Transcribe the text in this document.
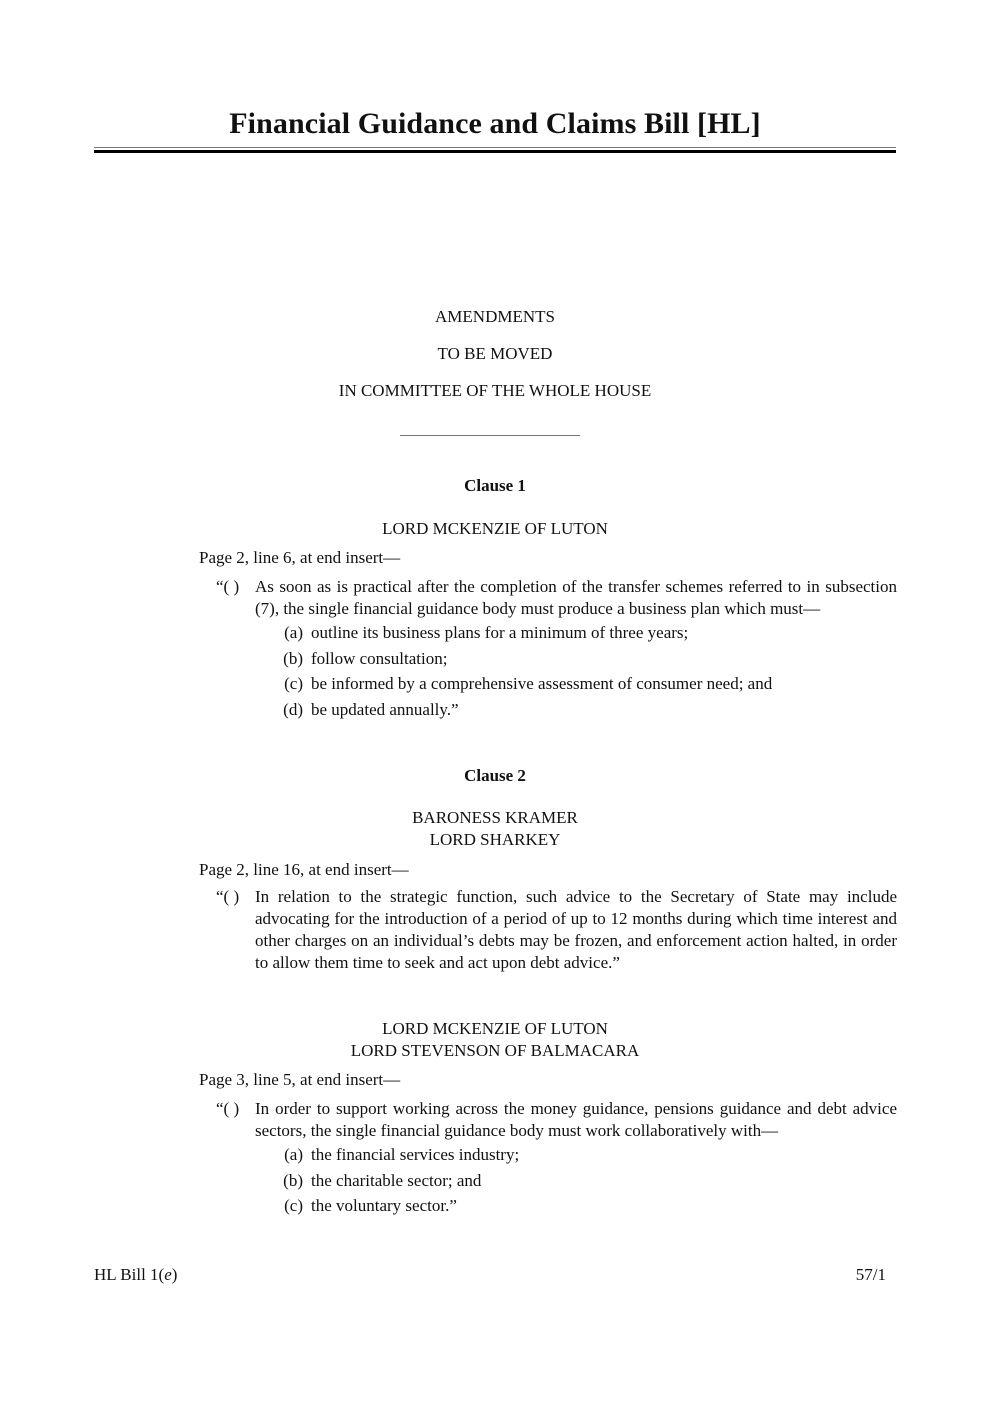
Financial Guidance and Claims Bill [HL]
AMENDMENTS
TO BE MOVED
IN COMMITTEE OF THE WHOLE HOUSE
Clause 1
LORD MCKENZIE OF LUTON
Page 2, line 6, at end insert—
“( ) As soon as is practical after the completion of the transfer schemes referred to in subsection (7), the single financial guidance body must produce a business plan which must—
(a) outline its business plans for a minimum of three years;
(b) follow consultation;
(c) be informed by a comprehensive assessment of consumer need; and
(d) be updated annually.”
Clause 2
BARONESS KRAMER
LORD SHARKEY
Page 2, line 16, at end insert—
“( ) In relation to the strategic function, such advice to the Secretary of State may include advocating for the introduction of a period of up to 12 months during which time interest and other charges on an individual’s debts may be frozen, and enforcement action halted, in order to allow them time to seek and act upon debt advice.”
LORD MCKENZIE OF LUTON
LORD STEVENSON OF BALMACARA
Page 3, line 5, at end insert—
“( ) In order to support working across the money guidance, pensions guidance and debt advice sectors, the single financial guidance body must work collaboratively with—
(a) the financial services industry;
(b) the charitable sector; and
(c) the voluntary sector.”
HL Bill 1(e)	57/1
